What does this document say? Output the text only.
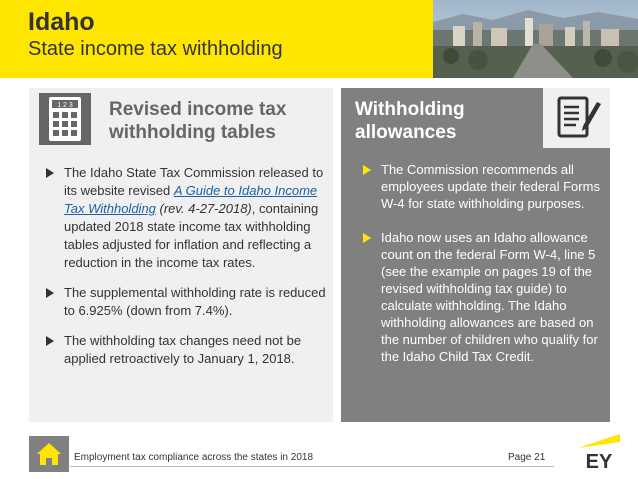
Idaho
State income tax withholding
1 2 3 Revised income tax
withholding tables
The Idaho State Tax Commission released to its website revised A Guide to Idaho Income Tax Withholding (rev. 4-27-2018), containing updated 2018 state income tax withholding tables adjusted for inflation and reflecting a reduction in the income tax rates.
The supplemental withholding rate is reduced to 6.925% (down from 7.4%).
The withholding tax changes need not be applied retroactively to January 1, 2018.
Withholding
allowances
The Commission recommends all employees update their federal Forms W-4 for state withholding purposes.
Idaho now uses an Idaho allowance count on the federal Form W-4, line 5 (see the example on pages 19 of the revised withholding tax guide) to calculate withholding. The Idaho withholding allowances are based on the number of children who qualify for the Idaho Child Tax Credit.
Employment tax compliance across the states in 2018	Page 21 EY
